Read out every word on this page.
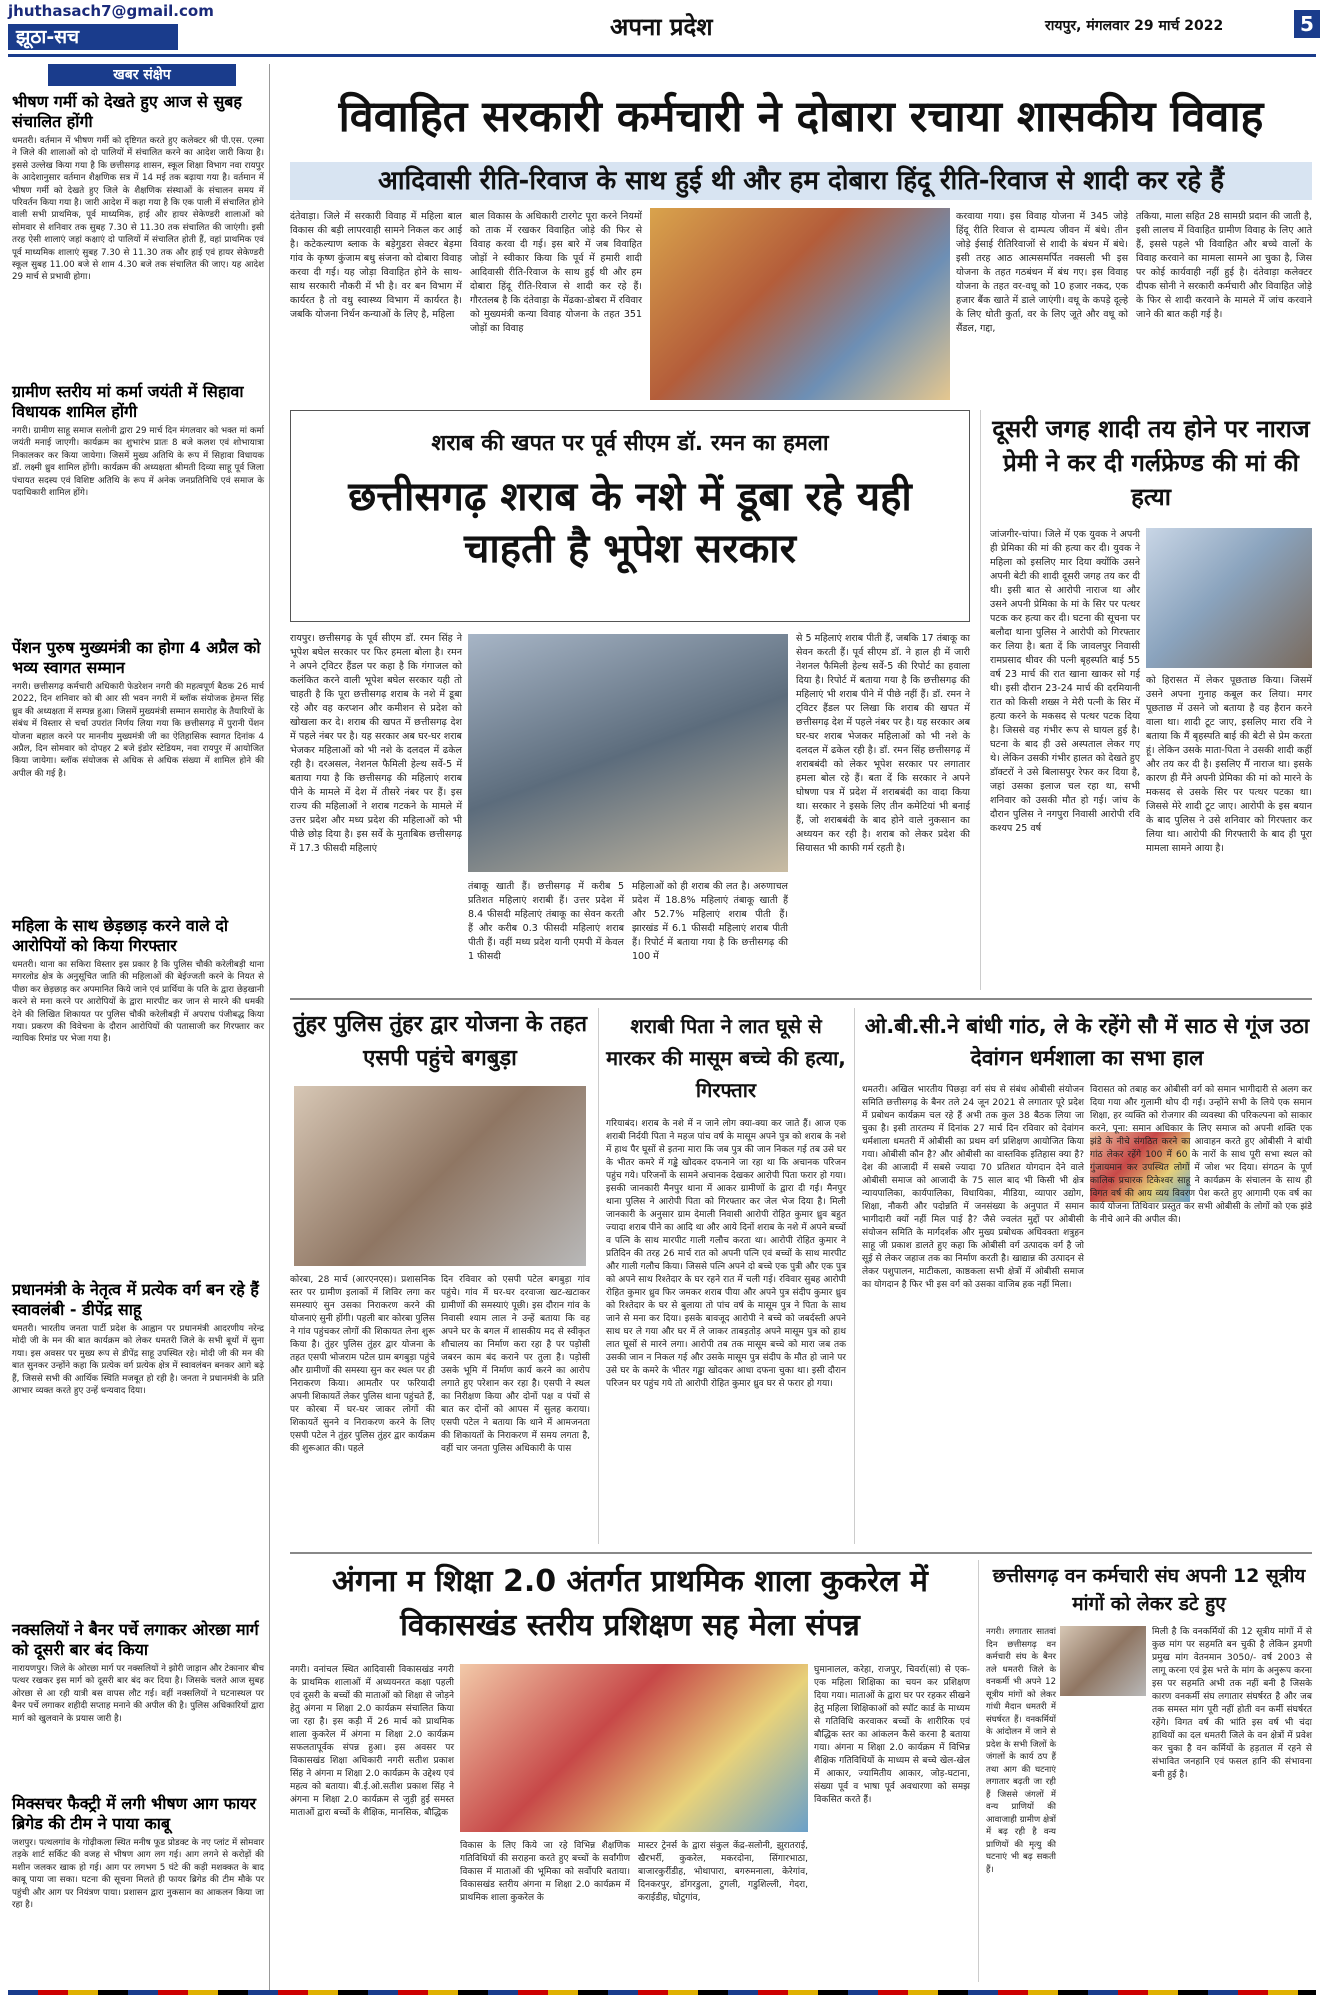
jhuthasach7@gmail.com
झूठा-सच	अपना प्रदेश	रायपुर, मंगलवार 29 मार्च 2022	5
खबर संक्षेप
भीषण गर्मी को देखते हुए आज से सुबह संचालित होंगी
धमतरी। वर्तमान में भीषण गर्मी को दृष्टिगत करते हुए कलेक्टर श्री पी.एस. एल्मा ने जिले की शालाओं को दो पालियों में संचालित करने का आदेश जारी किया है। इससे उल्लेख किया गया है कि छत्तीसगढ़ शासन, स्कूल शिक्षा विभाग नवा रायपुर के आदेशानुसार वर्तमान शैक्षणिक सत्र में 14 मई तक बढ़ाया गया है। वर्तमान में भीषण गर्मी को देखते हुए जिले के शैक्षणिक संस्थाओं के संचालन समय में परिवर्तन किया गया है। जारी आदेश में कहा गया है कि एक पाली में संचालित होने वाली सभी प्राथमिक, पूर्व माध्यमिक, हाई और हायर सेकेण्डरी शालाओं को सोमवार से शनिवार तक सुबह 7.30 से 11.30 तक संचालित की जाएंगी। इसी तरह ऐसी शालाएं जहां कक्षाएं दो पालियों में संचालित होती हैं, वहां प्राथमिक एवं पूर्व माध्यमिक शालाएं सुबह 7.30 से 11.30 तक और हाई एवं हायर सेकेण्डरी स्कूल सुबह 11.00 बजे से शाम 4.30 बजे तक संचालित की जाए। यह आदेश 29 मार्च से प्रभावी होगा।
ग्रामीण स्तरीय मां कर्मा जयंती में सिहावा विधायक शामिल होंगी
नगरी। ग्रामीण साहू समाज सलोनी द्वारा 29 मार्च दिन मंगलवार को भक्त मां कर्मा जयंती मनाई जाएगी। कार्यक्रम का शुभारंभ प्रातः 8 बजे कलश एवं शोभायात्रा निकालकर कर किया जायेगा। जिसमें मुख्य अतिथि के रूप में सिहावा विधायक डॉ. लक्ष्मी ध्रुव शामिल होंगी। कार्यक्रम की अध्यक्षता श्रीमती दिव्या साहू पूर्व जिला पंचायत सदस्य एवं विशिष्ट अतिथि के रूप में अनेक जनप्रतिनिधि एवं समाज के पदाधिकारी शामिल होंगे।
पेंशन पुरुष मुख्यमंत्री का होगा 4 अप्रैल को भव्य स्वागत सम्मान
नगरी। छत्तीसगढ़ कर्मचारी अधिकारी फेडरेशन नगरी की महत्वपूर्ण बैठक 26 मार्च 2022, दिन शनिवार को बी आर सी भवन नगरी में ब्लॉक संयोजक हेमन्त सिंह ध्रुव की अध्यक्षता में सम्पन्न हुआ। जिसमें मुख्यमंत्री सम्मान समारोह के तैयारियों के संबंध में विस्तार से चर्चा उपरांत निर्णय लिया गया कि छत्तीसगढ़ में पुरानी पेंशन योजना बहाल करने पर माननीय मुख्यमंत्री जी का ऐतिहासिक स्वागत दिनांक 4 अप्रैल, दिन सोमवार को दोपहर 2 बजे इंडोर स्टेडियम, नवा रायपुर में आयोजित किया जायेगा। ब्लॉक संयोजक से अधिक से अधिक संख्या में शामिल होने की अपील की गई है।
महिला के साथ छेड़छाड़ करने वाले दो आरोपियों को किया गिरफ्तार
धमतरी। थाना का सकिरा विस्तार इस प्रकार है कि पुलिस चौकी करेलीबड़ी थाना मगरलोड क्षेत्र के अनुसूचित जाति की महिलाओं की बेईज्जती करने के नियत से पीछा कर छेड़छाड़ कर अपमानित किये जाने एवं प्रार्थिया के पति के द्वारा छेड़खानी करने से मना करने पर आरोपियों के द्वारा मारपीट कर जान से मारने की धमकी देने की लिखित शिकायत पर पुलिस चौकी करेलीबड़ी में अपराध पंजीबद्ध किया गया। प्रकरण की विवेचना के दौरान आरोपियों की पतासाजी कर गिरफ्तार कर न्यायिक रिमांड पर भेजा गया है।
प्रधानमंत्री के नेतृत्व में प्रत्येक वर्ग बन रहे हैं स्वावलंबी - डीपेंद्र साहू
धमतरी। भारतीय जनता पार्टी प्रदेश के आह्वान पर प्रधानमंत्री आदरणीय नरेन्द्र मोदी जी के मन की बात कार्यक्रम को लेकर धमतरी जिले के सभी बूथों में सुना गया। इस अवसर पर मुख्य रूप से डीपेंद्र साहू उपस्थित रहे। मोदी जी की मन की बात सुनकर उन्होंने कहा कि प्रत्येक वर्ग प्रत्येक क्षेत्र में स्वावलंबन बनकर आगे बढ़े हैं, जिससे सभी की आर्थिक स्थिति मजबूत हो रही है। जनता ने प्रधानमंत्री के प्रति आभार व्यक्त करते हुए उन्हें धन्यवाद दिया।
नक्सलियों ने बैनर पर्चे लगाकर ओरछा मार्ग को दूसरी बार बंद किया
नारायणपुर। जिले के ओरछा मार्ग पर नक्सलियों ने झोरी जाड़ान और टेकानार बीच पत्थर रखकर इस मार्ग को दूसरी बार बंद कर दिया है। जिसके चलते आज सुबह ओरछा से आ रही यात्री बस वापस लौट गई। वहीं नक्सलियों ने घटनास्थल पर बैनर पर्चे लगाकर शहीदी सप्ताह मनाने की अपील की है। पुलिस अधिकारियों द्वारा मार्ग को खुलवाने के प्रयास जारी है।
मिक्सचर फैक्ट्री में लगी भीषण आग फायर ब्रिगेड की टीम ने पाया काबू
जशपुर। पत्थलगांव के गोढ़ीकला स्थित मनीष फूड प्रोडक्ट के नए प्लांट में सोमवार तड़के शार्ट सर्किट की वजह से भीषण आग लग गई। आग लगने से करोड़ों की मशीन जलकर खाक हो गई। आग पर लगभग 5 घंटे की कड़ी मशक्कत के बाद काबू पाया जा सका। घटना की सूचना मिलते ही फायर ब्रिगेड की टीम मौके पर पहुंची और आग पर नियंत्रण पाया। प्रशासन द्वारा नुकसान का आकलन किया जा रहा है।
विवाहित सरकारी कर्मचारी ने दोबारा रचाया शासकीय विवाह
आदिवासी रीति-रिवाज के साथ हुई थी और हम दोबारा हिंदू रीति-रिवाज से शादी कर रहे हैं
दंतेवाड़ा। जिले में सरकारी विवाह में महिला बाल विकास की बड़ी लापरवाही सामने निकल कर आई है। कटेकल्याण ब्लाक के बड़ेगुडरा सेक्टर बेड़मा गांव के कृष्ण कुंजाम बधु संजना को दोबारा विवाह करवा दी गई। यह जोड़ा विवाहित होने के साथ-साथ सरकारी नौकरी में भी है। वर बन विभाग में कार्यरत है तो वधु स्वास्थ्य विभाग में कार्यरत है। जबकि योजना निर्धन कन्याओं के लिए है, महिला
बाल विकास के अधिकारी टारगेट पूरा करने नियमों को ताक में रखकर विवाहित जोड़े की फिर से विवाह करवा दी गई। इस बारे में जब विवाहित जोड़ों ने स्वीकार किया कि पूर्व में हमारी शादी आदिवासी रीति-रिवाज के साथ हुई थी और हम दोबारा हिंदू रीति-रिवाज से शादी कर रहे हैं। गौरतलब है कि दंतेवाड़ा के मेंढका-डोबरा में रविवार को मुख्यमंत्री कन्या विवाह योजना के तहत 351 जोड़ों का विवाह
करवाया गया। इस विवाह योजना में 345 जोड़े हिंदू रीति रिवाज से दाम्पत्य जीवन में बंधे। तीन जोड़े ईसाई रीतिरिवाजों से शादी के बंधन में बंधे। इसी तरह आठ आत्मसमर्पित नक्सली भी इस योजना के तहत गठबंधन में बंध गए। इस विवाह योजना के तहत वर-वधू को 10 हजार नकद, एक हजार बैंक खाते में डाले जाएंगी। वधू के कपड़े दूल्हे के लिए धोती कुर्ता, वर के लिए जूते और वधू को सैंडल, गद्दा,
तकिया, माला सहित 28 सामग्री प्रदान की जाती है, इसी लालच में विवाहित ग्रामीण विवाह के लिए आते हैं, इससे पहले भी विवाहित और बच्चे वालों के विवाह करवाने का मामला सामने आ चुका है, जिस पर कोई कार्यवाही नहीं हुई है। दंतेवाड़ा कलेक्टर दीपक सोनी ने सरकारी कर्मचारी और विवाहित जोड़े के फिर से शादी करवाने के मामले में जांच करवाने जाने की बात कही गई है।
शराब की खपत पर पूर्व सीएम डॉ. रमन का हमला
छत्तीसगढ़ शराब के नशे में डूबा रहे यही चाहती है भूपेश सरकार
रायपुर। छत्तीसगढ़ के पूर्व सीएम डॉ. रमन सिंह ने भूपेश बघेल सरकार पर फिर हमला बोला है। रमन ने अपने ट्विटर हैंडल पर कहा है कि गंगाजल को कलंकित करने वाली भूपेश बघेल सरकार यही तो चाहती है कि पूरा छत्तीसगढ़ शराब के नशे में डूबा रहे और वह करप्शन और कमीशन से प्रदेश को खोखला कर दे। शराब की खपत में छत्तीसगढ़ देश में पहले नंबर पर है। यह सरकार अब घर-घर शराब भेजकर महिलाओं को भी नशे के दलदल में ढकेल रही है। दरअसल, नेशनल फैमिली हेल्थ सर्वे-5 में बताया गया है कि छत्तीसगढ़ की महिलाएं शराब पीने के मामले में देश में तीसरे नंबर पर हैं। इस राज्य की महिलाओं ने शराब गटकने के मामले में उत्तर प्रदेश और मध्य प्रदेश की महिलाओं को भी पीछे छोड़ दिया है। इस सर्वे के मुताबिक छत्तीसगढ़ में 17.3 फीसदी महिलाएं
तंबाकू खाती हैं। छत्तीसगढ़ में करीब 5 प्रतिशत महिलाएं शराबी हैं। उत्तर प्रदेश में 8.4 फीसदी महिलाएं तंबाकू का सेवन करती हैं और करीब 0.3 फीसदी महिलाएं शराब पीती हैं। वहीं मध्य प्रदेश यानी एमपी में केवल 1 फीसदी
महिलाओं को ही शराब की लत है। अरुणाचल प्रदेश में 18.8% महिलाएं तंबाकू खाती हैं और 52.7% महिलाएं शराब पीती हैं। झारखंड में 6.1 फीसदी महिलाएं शराब पीती हैं। रिपोर्ट में बताया गया है कि छत्तीसगढ़ की 100 में
से 5 महिलाएं शराब पीती हैं, जबकि 17 तंबाकू का सेवन करती हैं। पूर्व सीएम डॉ. ने हाल ही में जारी नेशनल फैमिली हेल्थ सर्वे-5 की रिपोर्ट का हवाला दिया है। रिपोर्ट में बताया गया है कि छत्तीसगढ़ की महिलाएं भी शराब पीने में पीछे नहीं हैं। डॉ. रमन ने ट्विटर हैंडल पर लिखा कि शराब की खपत में छत्तीसगढ़ देश में पहले नंबर पर है। यह सरकार अब घर-घर शराब भेजकर महिलाओं को भी नशे के दलदल में ढकेल रही है। डॉ. रमन सिंह छत्तीसगढ़ में शराबबंदी को लेकर भूपेश सरकार पर लगातार हमला बोल रहे हैं। बता दें कि सरकार ने अपने घोषणा पत्र में प्रदेश में शराबबंदी का वादा किया था। सरकार ने इसके लिए तीन कमेटियां भी बनाई हैं, जो शराबबंदी के बाद होने वाले नुकसान का अध्ययन कर रही है। शराब को लेकर प्रदेश की सियासत भी काफी गर्म रहती है।
दूसरी जगह शादी तय होने पर नाराज प्रेमी ने कर दी गर्लफ्रेण्ड की मां की हत्या
जांजगीर-चांपा। जिले में एक युवक ने अपनी ही प्रेमिका की मां की हत्या कर दी। युवक ने महिला को इसलिए मार दिया क्योंकि उसने अपनी बेटी की शादी दूसरी जगह तय कर दी थी। इसी बात से आरोपी नाराज था और उसने अपनी प्रेमिका के मां के सिर पर पत्थर पटक कर हत्या कर दी। घटना की सूचना पर बलौदा थाना पुलिस ने आरोपी को गिरफ्तार कर लिया है। बता दें कि जावलपुर निवासी रामप्रसाद धीवर की पत्नी बृहस्पति बाई 55 वर्ष 23 मार्च की रात खाना खाकर सो गई थी। इसी दौरान 23-24 मार्च की दरमियानी रात को किसी शख्स ने मेरी पत्नी के सिर में हत्या करने के मकसद से पत्थर पटक दिया है। जिससे वह गंभीर रूप से घायल हुई है। घटना के बाद ही उसे अस्पताल लेकर गए थे। लेकिन उसकी गंभीर हालत को देखते हुए डॉक्टरों ने उसे बिलासपुर रेफर कर दिया है, जहां उसका इलाज चल रहा था, सभी शनिवार को उसकी मौत हो गई। जांच के दौरान पुलिस ने नगपुरा निवासी आरोपी रवि कश्यप 25 वर्ष
को हिरासत में लेकर पूछताछ किया। जिसमें उसने अपना गुनाह कबूल कर लिया। मगर पूछताछ में उसने जो बताया है वह हैरान करने वाला था। शादी टूट जाए, इसलिए मारा रवि ने बताया कि मैं बृहस्पति बाई की बेटी से प्रेम करता हूं। लेकिन उसके माता-पिता ने उसकी शादी कहीं और तय कर दी है। इसलिए मैं नाराज था। इसके कारण ही मैंने अपनी प्रेमिका की मां को मारने के मकसद से उसके सिर पर पत्थर पटका था। जिससे मेरे शादी टूट जाए। आरोपी के इस बयान के बाद पुलिस ने उसे शनिवार को गिरफ्तार कर लिया था। आरोपी की गिरफ्तारी के बाद ही पूरा मामला सामने आया है।
तुंहर पुलिस तुंहर द्वार योजना के तहत एसपी पहुंचे बगबुड़ा
कोरबा, 28 मार्च (आरएनएस)। प्रशासनिक स्तर पर ग्रामीण इलाकों में शिविर लगा कर समस्याएं सुन उसका निराकरण करने की योजनाएं सुनी होंगी। पहली बार कोरबा पुलिस ने गांव पहुंचकर लोगों की शिकायत लेना शुरू किया है। तुंहर पुलिस तुंहर द्वार योजना के तहत एसपी भोजराम पटेल ग्राम बगबुड़ा पहुंचे और ग्रामीणों की समस्या सुन कर स्थल पर ही निराकरण किया। आमतौर पर फरियादी अपनी शिकायतें लेकर पुलिस थाना पहुंचते हैं, पर कोरबा में घर-घर जाकर लोगों की शिकायतें सुनने व निराकरण करने के लिए एसपी पटेल ने तुंहर पुलिस तुंहर द्वार कार्यक्रम की शुरूआत की। पहले
दिन रविवार को एसपी पटेल बगबुड़ा गांव पहुंचे। गांव में घर-घर दरवाजा खट-खटाकर ग्रामीणों की समस्याएं पूछी। इस दौरान गांव के निवासी श्याम लाल ने उन्हें बताया कि वह अपने घर के बगल में शासकीय मद से स्वीकृत शौचालय का निर्माण करा रहा है पर पड़ोसी जबरन काम बंद कराने पर तुला है। पड़ोसी उसके भूमि में निर्माण कार्य करने का आरोप लगाते हुए परेशान कर रहा है। एसपी ने स्थल का निरीक्षण किया और दोनों पक्ष व पंचों से बात कर दोनों को आपस में सुलह कराया। एसपी पटेल ने बताया कि थाने में आमजनता की शिकायतों के निराकरण में समय लगता है, वहीं चार जनता पुलिस अधिकारी के पास
शराबी पिता ने लात घूसे से मारकर की मासूम बच्चे की हत्या, गिरफ्तार
गरियाबंद। शराब के नशे में न जाने लोग क्या-क्या कर जाते हैं। आज एक शराबी निर्दयी पिता ने महज पांच वर्ष के मासूम अपने पुत्र को शराब के नशे में हाथ पैर घूसों से इतना मारा कि जब पुत्र की जान निकल गई तब उसे घर के भीतर कमरे में गड्ढे खोदकर दफनाने जा रहा था कि अचानक परिजन पहुंच गये। परिजनों के सामने अचानक देखकर आरोपी पिता फरार हो गया। इसकी जानकारी मैनपुर थाना में आकर ग्रामीणों के द्वारा दी गई। मैनपुर थाना पुलिस ने आरोपी पिता को गिरफ्तार कर जेल भेज दिया है। मिली जानकारी के अनुसार ग्राम देमाली निवासी आरोपी रोहित कुमार ध्रुव बहुत ज्यादा शराब पीने का आदि था और आये दिनों शराब के नशे में अपने बच्चों व पत्नि के साथ मारपीट गाली गलौच करता था। आरोपी रोहित कुमार ने प्रतिदिन की तरह 26 मार्च रात को अपनी पत्नि एवं बच्चों के साथ मारपीट और गाली गलौच किया। जिससे पत्नि अपने दो बच्चे एक पुत्री और एक पुत्र को अपने साथ रिश्तेदार के घर रहने रात में चली गई। रविवार सुबह आरोपी रोहित कुमार ध्रुव फिर जमकर शराब पीया और अपने पुत्र संदीप कुमार ध्रुव को रिश्तेदार के घर से बुलाया तो पांच वर्ष के मासूम पुत्र ने पिता के साथ जाने से मना कर दिया। इसके बावजूद आरोपी ने बच्चे को जबर्दस्ती अपने साथ घर ले गया और घर में ले जाकर ताबड़तोड़ अपने मासूम पुत्र को हाथ लात घूसों से मारने लगा। आरोपी तब तक मासूम बच्चे को मारा जब तक उसकी जान न निकल गई और उसके मासूम पुत्र संदीप के मौत हो जाने पर उसे घर के कमरे के भीतर गड्ढा खोदकर आधा दफना चुका था। इसी दौरान परिजन घर पहुंच गये तो आरोपी रोहित कुमार ध्रुव घर से फरार हो गया।
ओ.बी.सी.ने बांधी गांठ, ले के रहेंगे सौ में साठ से गूंज उठा देवांगन धर्मशाला का सभा हाल
धमतरी। अखिल भारतीय पिछड़ा वर्ग संघ से संबंध ओबीसी संयोजन समिति छत्तीसगढ़ के बैनर तले 24 जून 2021 से लगातार पूरे प्रदेश में प्रबोधन कार्यक्रम चल रहे हैं अभी तक कुल 38 बैठक लिया जा चुका है। इसी तारतम्य में दिनांक 27 मार्च दिन रविवार को देवांगन धर्मशाला धमतरी में ओबीसी का प्रथम वर्ग प्रशिक्षण आयोजित किया गया। ओबीसी कौन है? और ओबीसी का वास्तविक इतिहास क्या है? देश की आजादी में सबसे ज्यादा 70 प्रतिशत योगदान देने वाले ओबीसी समाज को आजादी के 75 साल बाद भी किसी भी क्षेत्र न्यायपालिका, कार्यपालिका, विधायिका, मीडिया, व्यापार उद्योग, शिक्षा, नौकरी और पदोन्नति में जनसंख्या के अनुपात में समान भागीदारी क्यों नहीं मिल पाई है? जैसे ज्वलंत मुद्दों पर ओबीसी संयोजन समिति के मार्गदर्शक और मुख्य प्रबोधक अधिवक्ता शत्रुहन साहू जी प्रकाश डालते हुए कहा कि ओबीसी वर्ग उत्पादक वर्ग है जो सूई से लेकर जहाज तक का निर्माण करती है। खाद्यान्न की उत्पादन से लेकर पशुपालन, माटीकला, काष्ठकला सभी क्षेत्रों में ओबीसी समाज का योगदान है फिर भी इस वर्ग को उसका वाजिब हक नहीं मिला।
विरासत को तबाह कर ओबीसी वर्ग को समान भागीदारी से अलग कर दिया गया और गुलामी थोप दी गई। उन्होंने सभी के लिये एक समान शिक्षा, हर व्यक्ति को रोजगार की व्यवस्था की परिकल्पना को साकार करने, पूना: समान अधिकार के लिए समाज को अपनी शक्ति एक झंडे के नीचे संगठित करने का आवाहन करते हुए ओबीसी ने बांधी गांठ लेकर रहेंगे 100 में 60 के नारों के साथ पूरी सभा स्थल को गुंजायमान कर उपस्थित लोगों में जोश भर दिया। संगठन के पूर्ण कालिक प्रचारक टिकेश्वर साहू ने कार्यक्रम के संचालन के साथ ही विगत वर्ष की आय व्यय विवरण पेश करते हुए आगामी एक वर्ष का कार्य योजना तिथिवार प्रस्तुत कर सभी ओबीसी के लोगों को एक झंडे के नीचे आने की अपील की।
अंगना म शिक्षा 2.0 अंतर्गत प्राथमिक शाला कुकरेल में विकासखंड स्तरीय प्रशिक्षण सह मेला संपन्न
नगरी। वनांचल स्थित आदिवासी विकासखंड नगरी के प्राथमिक शालाओं में अध्ययनरत कक्षा पहली एवं दूसरी के बच्चों की माताओं को शिक्षा से जोड़ने हेतु अंगना म शिक्षा 2.0 कार्यक्रम संचालित किया जा रहा है। इस कड़ी में 26 मार्च को प्राथमिक शाला कुकरेल में अंगना म शिक्षा 2.0 कार्यक्रम सफलतापूर्वक संपन्न हुआ। इस अवसर पर विकासखंड शिक्षा अधिकारी नगरी सतीश प्रकाश सिंह ने अंगना म शिक्षा 2.0 कार्यक्रम के उद्देश्य एवं महत्व को बताया। बी.ई.ओ.सतीश प्रकाश सिंह ने अंगना म शिक्षा 2.0 कार्यक्रम से जुड़ी हुई समस्त माताओं द्वारा बच्चों के शैक्षिक, मानसिक, बौद्धिक
विकास के लिए किये जा रहे विभिन्न शैक्षणिक गतिविधियों की सराहना करते हुए बच्चों के सर्वांगीण विकास में माताओं की भूमिका को सर्वोपरि बताया। विकासखंड स्तरीय अंगना म शिक्षा 2.0 कार्यक्रम में प्राथमिक शाला कुकरेल के
मास्टर ट्रेनर्स के द्वारा संकुल केंद्र-सलोनी, झुरातराई, खैरभर्री, कुकरेल, मकरदोना, सिंगारभाठा, बाजारकुर्रीडीह, भोथापारा, बगरुमनाला, केरेगांव, दिनकरपुर, डोंगरडुला, टुगली, गडुशिल्ली, गेदरा, कराईडीह, घोटुगांव,
घुमानालल, करेहा, राजपुर, चिवर्रा(सां) से एक-एक महिला शिक्षिका का चयन कर प्रशिक्षण दिया गया। माताओं के द्वारा घर पर रहकर सीखने हेतु महिला शिक्षिकाओं को स्पॉट कार्ड के माध्यम से गतिविधि करवाकर बच्चों के शारीरिक एवं बौद्धिक स्तर का आंकलन कैसे करना है बताया गया। अंगना म शिक्षा 2.0 कार्यक्रम में विभिन्न शैक्षिक गतिविधियों के माध्यम से बच्चे खेल-खेल में आकार, ज्यामितीय आकार, जोड़-घटाना, संख्या पूर्व व भाषा पूर्व अवधारणा को समझ विकसित करते हैं।
छत्तीसगढ़ वन कर्मचारी संघ अपनी 12 सूत्रीय मांगों को लेकर डटे हुए
नगरी। लगातार सातवां दिन छत्तीसगढ़ वन कर्मचारी संघ के बैनर तले धमतरी जिले के वनकर्मी भी अपने 12 सूत्रीय मांगों को लेकर गांधी मैदान धमतरी में संघर्षरत हैं। वनकर्मियों के आंदोलन में जाने से प्रदेश के सभी जिलों के जंगलों के कार्य ठप हैं तथा आग की घटनाएं लगातार बढ़ती जा रही हैं जिससे जंगलों में वन्य प्राणियों की आवाजाही ग्रामीण क्षेत्रों में बढ़ रही है वन्य प्राणियों की मृत्यु की घटनाएं भी बढ़ सकती हैं।
मिली है कि वनकर्मियों की 12 सूत्रीय मांगों में से कुछ मांग पर सहमति बन चुकी है लेकिन ड्रमणी प्रमुख मांग वेतनमान 3050/- वर्ष 2003 से लागू करना एवं ड्रेस भत्ते के मांग के अनुरूप करना इस पर सहमति अभी तक नहीं बनी है जिसके कारण वनकर्मी संघ लगातार संघर्षरत है और जब तक समस्त मांग पूरी नहीं होती वन कर्मी संघर्षरत रहेंगे। विगत वर्ष की भांति इस वर्ष भी चंदा हाथियों का दल धमतरी जिले के वन क्षेत्रों में प्रवेश कर चुका है वन कर्मियों के हड़ताल में रहने से संभावित जनहानि एवं फसल हानि की संभावना बनी हुई है।
